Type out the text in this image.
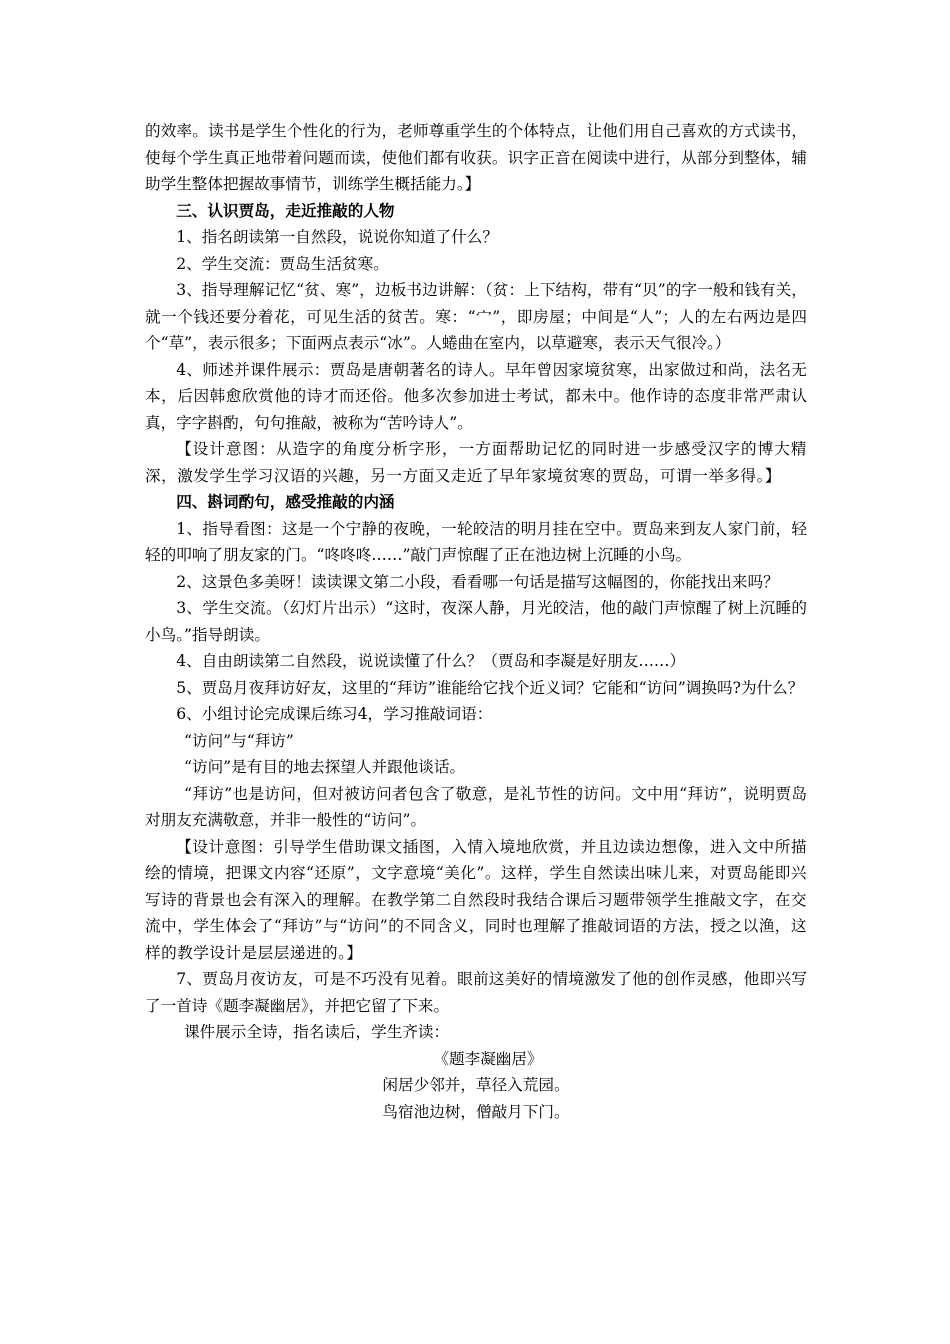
的效率。读书是学生个性化的行为，老师尊重学生的个体特点，让他们用自己喜欢的方式读书，使每个学生真正地带着问题而读，使他们都有收获。识字正音在阅读中进行，从部分到整体，辅助学生整体把握故事情节，训练学生概括能力。】

三、认识贾岛，走近推敲的人物

1、指名朗读第一自然段，说说你知道了什么？

2、学生交流：贾岛生活贫寒。

3、指导理解记忆“贫、寒”，边板书边讲解：（贫：上下结构，带有“贝”的字一般和钱有关，就一个钱还要分着花，可见生活的贫苦。寒：“宀”，即房屋；中间是“人”；人的左右两边是四个“草”，表示很多；下面两点表示“冰”。人蜷曲在室内，以草避寒，表示天气很冷。）

4、师述并课件展示：贾岛是唐朝著名的诗人。早年曾因家境贫寒，出家做过和尚，法名无本，后因韩愈欣赏他的诗才而还俗。他多次参加进士考试，都未中。他作诗的态度非常严肃认真，字字斟酌，句句推敲，被称为“苦吟诗人”。

【设计意图：从造字的角度分析字形，一方面帮助记忆的同时进一步感受汉字的博大精深，激发学生学习汉语的兴趣，另一方面又走近了早年家境贫寒的贾岛，可谓一举多得。】

四、斟词酌句，感受推敲的内涵

1、指导看图：这是一个宁静的夜晚，一轮皎洁的明月挂在空中。贾岛来到友人家门前，轻轻的叩响了朋友家的门。“咚咚咚……”敲门声惊醒了正在池边树上沉睡的小鸟。

2、这景色多美呀！读读课文第二小段，看看哪一句话是描写这幅图的，你能找出来吗？

3、学生交流。（幻灯片出示）“这时，夜深人静，月光皎洁，他的敲门声惊醒了树上沉睡的小鸟。”指导朗读。

4、自由朗读第二自然段，说说读懂了什么？（贾岛和李凝是好朋友……）

5、贾岛月夜拜访好友，这里的“拜访”谁能给它找个近义词？它能和“访问”调换吗?为什么？

6、小组讨论完成课后练习4，学习推敲词语：

“访问”与“拜访”

“访问”是有目的地去探望人并跟他谈话。

“拜访”也是访问，但对被访问者包含了敬意，是礼节性的访问。文中用“拜访”，说明贾岛对朋友充满敬意，并非一般性的“访问”。

【设计意图：引导学生借助课文插图，入情入境地欣赏，并且边读边想像，进入文中所描绘的情境，把课文内容“还原”，文字意境“美化”。这样，学生自然读出味儿来，对贾岛能即兴写诗的背景也会有深入的理解。在教学第二自然段时我结合课后习题带领学生推敲文字，在交流中，学生体会了“拜访”与“访问”的不同含义，同时也理解了推敲词语的方法，授之以渔，这样的教学设计是层层递进的。】

7、贾岛月夜访友，可是不巧没有见着。眼前这美好的情境激发了他的创作灵感，他即兴写了一首诗《题李凝幽居》，并把它留了下来。

课件展示全诗，指名读后，学生齐读：

《题李凝幽居》

闲居少邻并，草径入荒园。

鸟宿池边树，僧敲月下门。
